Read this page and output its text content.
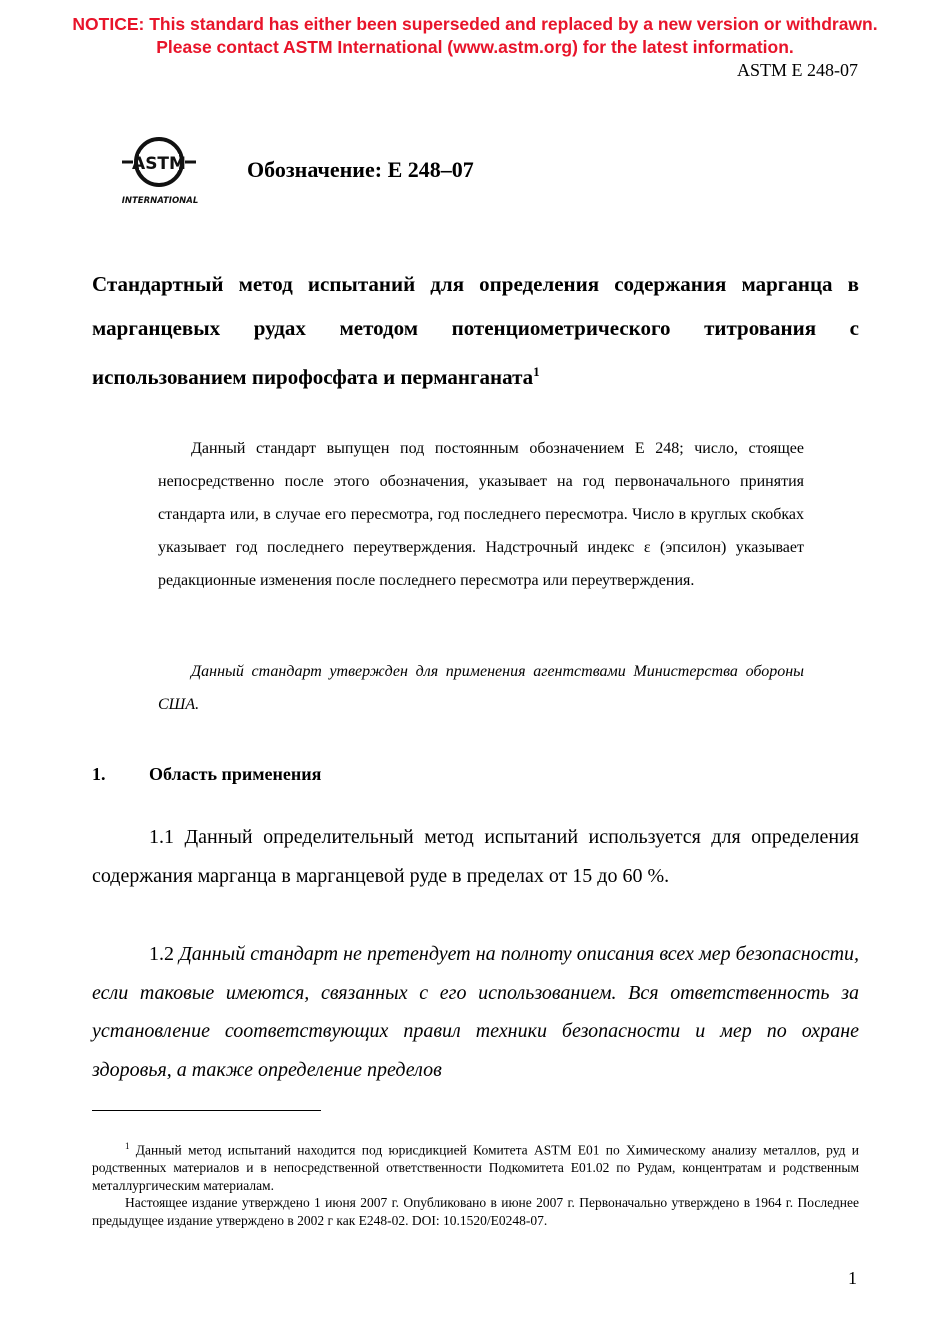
NOTICE: This standard has either been superseded and replaced by a new version or withdrawn.
Please contact ASTM International (www.astm.org) for the latest information.
ASTM E 248-07
ASTM
INTERNATIONAL
Обозначение: E 248–07
Стандартный метод испытаний для определения содержания марганца в марганцевых рудах методом потенциометрического титрования с использованием пирофосфата и перманганата$^1$
Данный стандарт выпущен под постоянным обозначением E 248; число, стоящее непосредственно после этого обозначения, указывает на год первоначального принятия стандарта или, в случае его пересмотра, год последнего пересмотра. Число в круглых скобках указывает год последнего переутверждения. Надстрочный индекс ε (эпсилон) указывает редакционные изменения после последнего пересмотра или переутверждения.
Данный стандарт утвержден для применения агентствами Министерства обороны США.
1. Область применения
1.1 Данный определительный метод испытаний используется для определения содержания марганца в марганцевой руде в пределах от 15 до 60 %.
1.2 Данный стандарт не претендует на полноту описания всех мер безопасности, если таковые имеются, связанных с его использованием. Вся ответственность за установление соответствующих правил техники безопасности и мер по охране здоровья, а также определение пределов

$^1$ Данный метод испытаний находится под юрисдикцией Комитета ASTM E01 по Химическому анализу металлов, руд и родственных материалов и в непосредственной ответственности Подкомитета E01.02 по Рудам, концентратам и родственным металлургическим материалам.

Настоящее издание утверждено 1 июня 2007 г. Опубликовано в июне 2007 г. Первоначально утверждено в 1964 г. Последнее предыдущее издание утверждено в 2002 г как E248-02. DOI: 10.1520/E0248-07.

1
